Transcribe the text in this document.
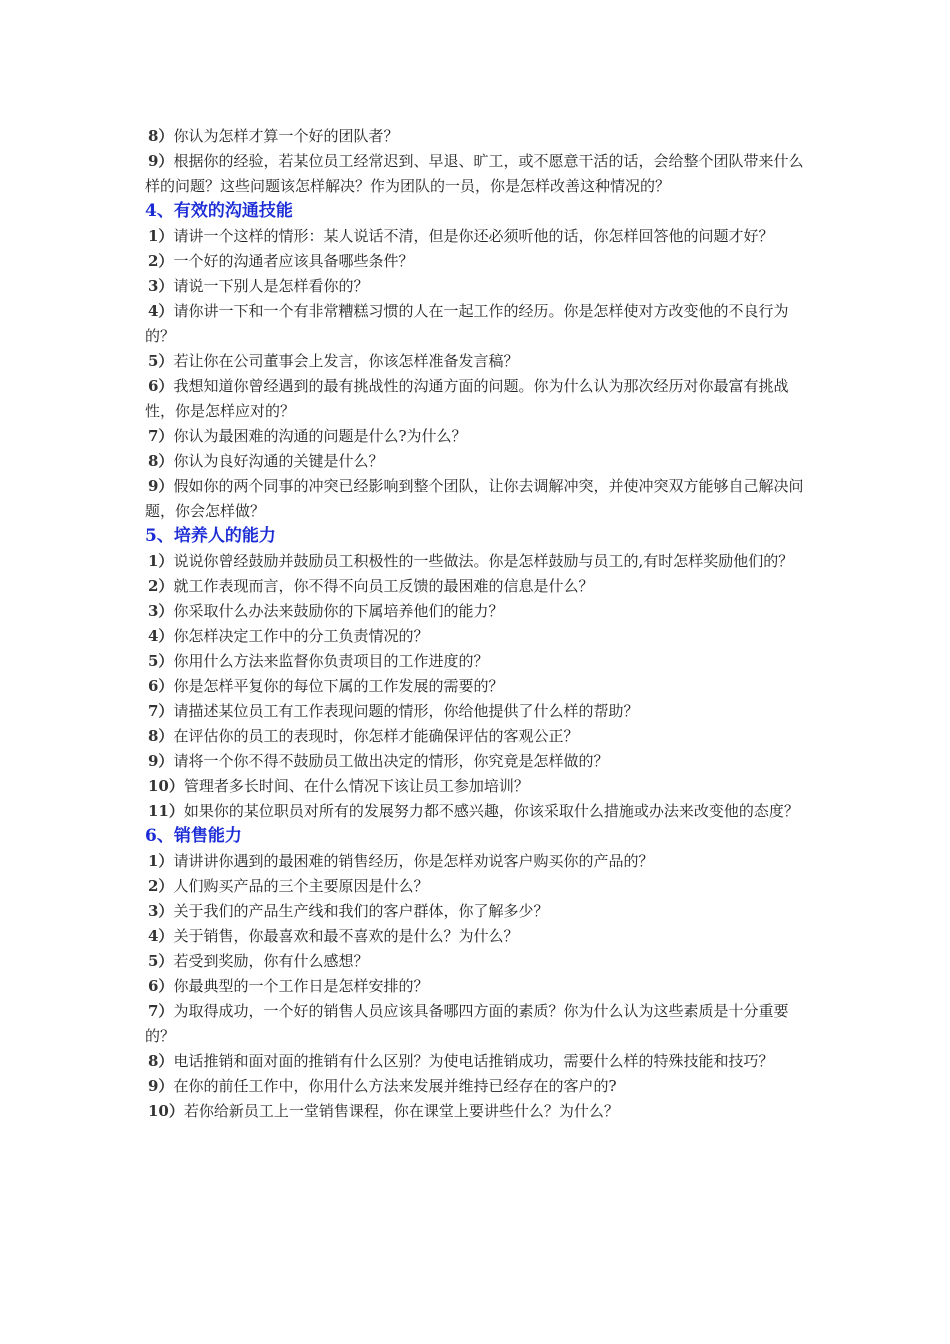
8）你认为怎样才算一个好的团队者？
9）根据你的经验，若某位员工经常迟到、早退、旷工，或不愿意干活的话，会给整个团队带来什么样的问题？这些问题该怎样解决？作为团队的一员，你是怎样改善这种情况的？
4、有效的沟通技能
1）请讲一个这样的情形：某人说话不清，但是你还必须听他的话，你怎样回答他的问题才好？
2）一个好的沟通者应该具备哪些条件？
3）请说一下别人是怎样看你的？
4）请你讲一下和一个有非常糟糕习惯的人在一起工作的经历。你是怎样使对方改变他的不良行为的？
5）若让你在公司董事会上发言，你该怎样准备发言稿？
6）我想知道你曾经遇到的最有挑战性的沟通方面的问题。你为什么认为那次经历对你最富有挑战性，你是怎样应对的？
7）你认为最困难的沟通的问题是什么?为什么？
8）你认为良好沟通的关键是什么？
9）假如你的两个同事的冲突已经影响到整个团队，让你去调解冲突，并使冲突双方能够自己解决问题，你会怎样做？
5、培养人的能力
1）说说你曾经鼓励并鼓励员工积极性的一些做法。你是怎样鼓励与员工的,有时怎样奖励他们的？
2）就工作表现而言，你不得不向员工反馈的最困难的信息是什么？
3）你采取什么办法来鼓励你的下属培养他们的能力？
4）你怎样决定工作中的分工负责情况的？
5）你用什么方法来监督你负责项目的工作进度的？
6）你是怎样平复你的每位下属的工作发展的需要的？
7）请描述某位员工有工作表现问题的情形，你给他提供了什么样的帮助？
8）在评估你的员工的表现时，你怎样才能确保评估的客观公正？
9）请将一个你不得不鼓励员工做出决定的情形，你究竟是怎样做的？
10）管理者多长时间、在什么情况下该让员工参加培训？
11）如果你的某位职员对所有的发展努力都不感兴趣，你该采取什么措施或办法来改变他的态度？
6、销售能力
1）请讲讲你遇到的最困难的销售经历，你是怎样劝说客户购买你的产品的？
2）人们购买产品的三个主要原因是什么？
3）关于我们的产品生产线和我们的客户群体，你了解多少？
4）关于销售，你最喜欢和最不喜欢的是什么？为什么？
5）若受到奖励，你有什么感想？
6）你最典型的一个工作日是怎样安排的？
7）为取得成功，一个好的销售人员应该具备哪四方面的素质？你为什么认为这些素质是十分重要的？
8）电话推销和面对面的推销有什么区别？为使电话推销成功，需要什么样的特殊技能和技巧？
9）在你的前任工作中，你用什么方法来发展并维持已经存在的客户的?
10）若你给新员工上一堂销售课程，你在课堂上要讲些什么？为什么？
